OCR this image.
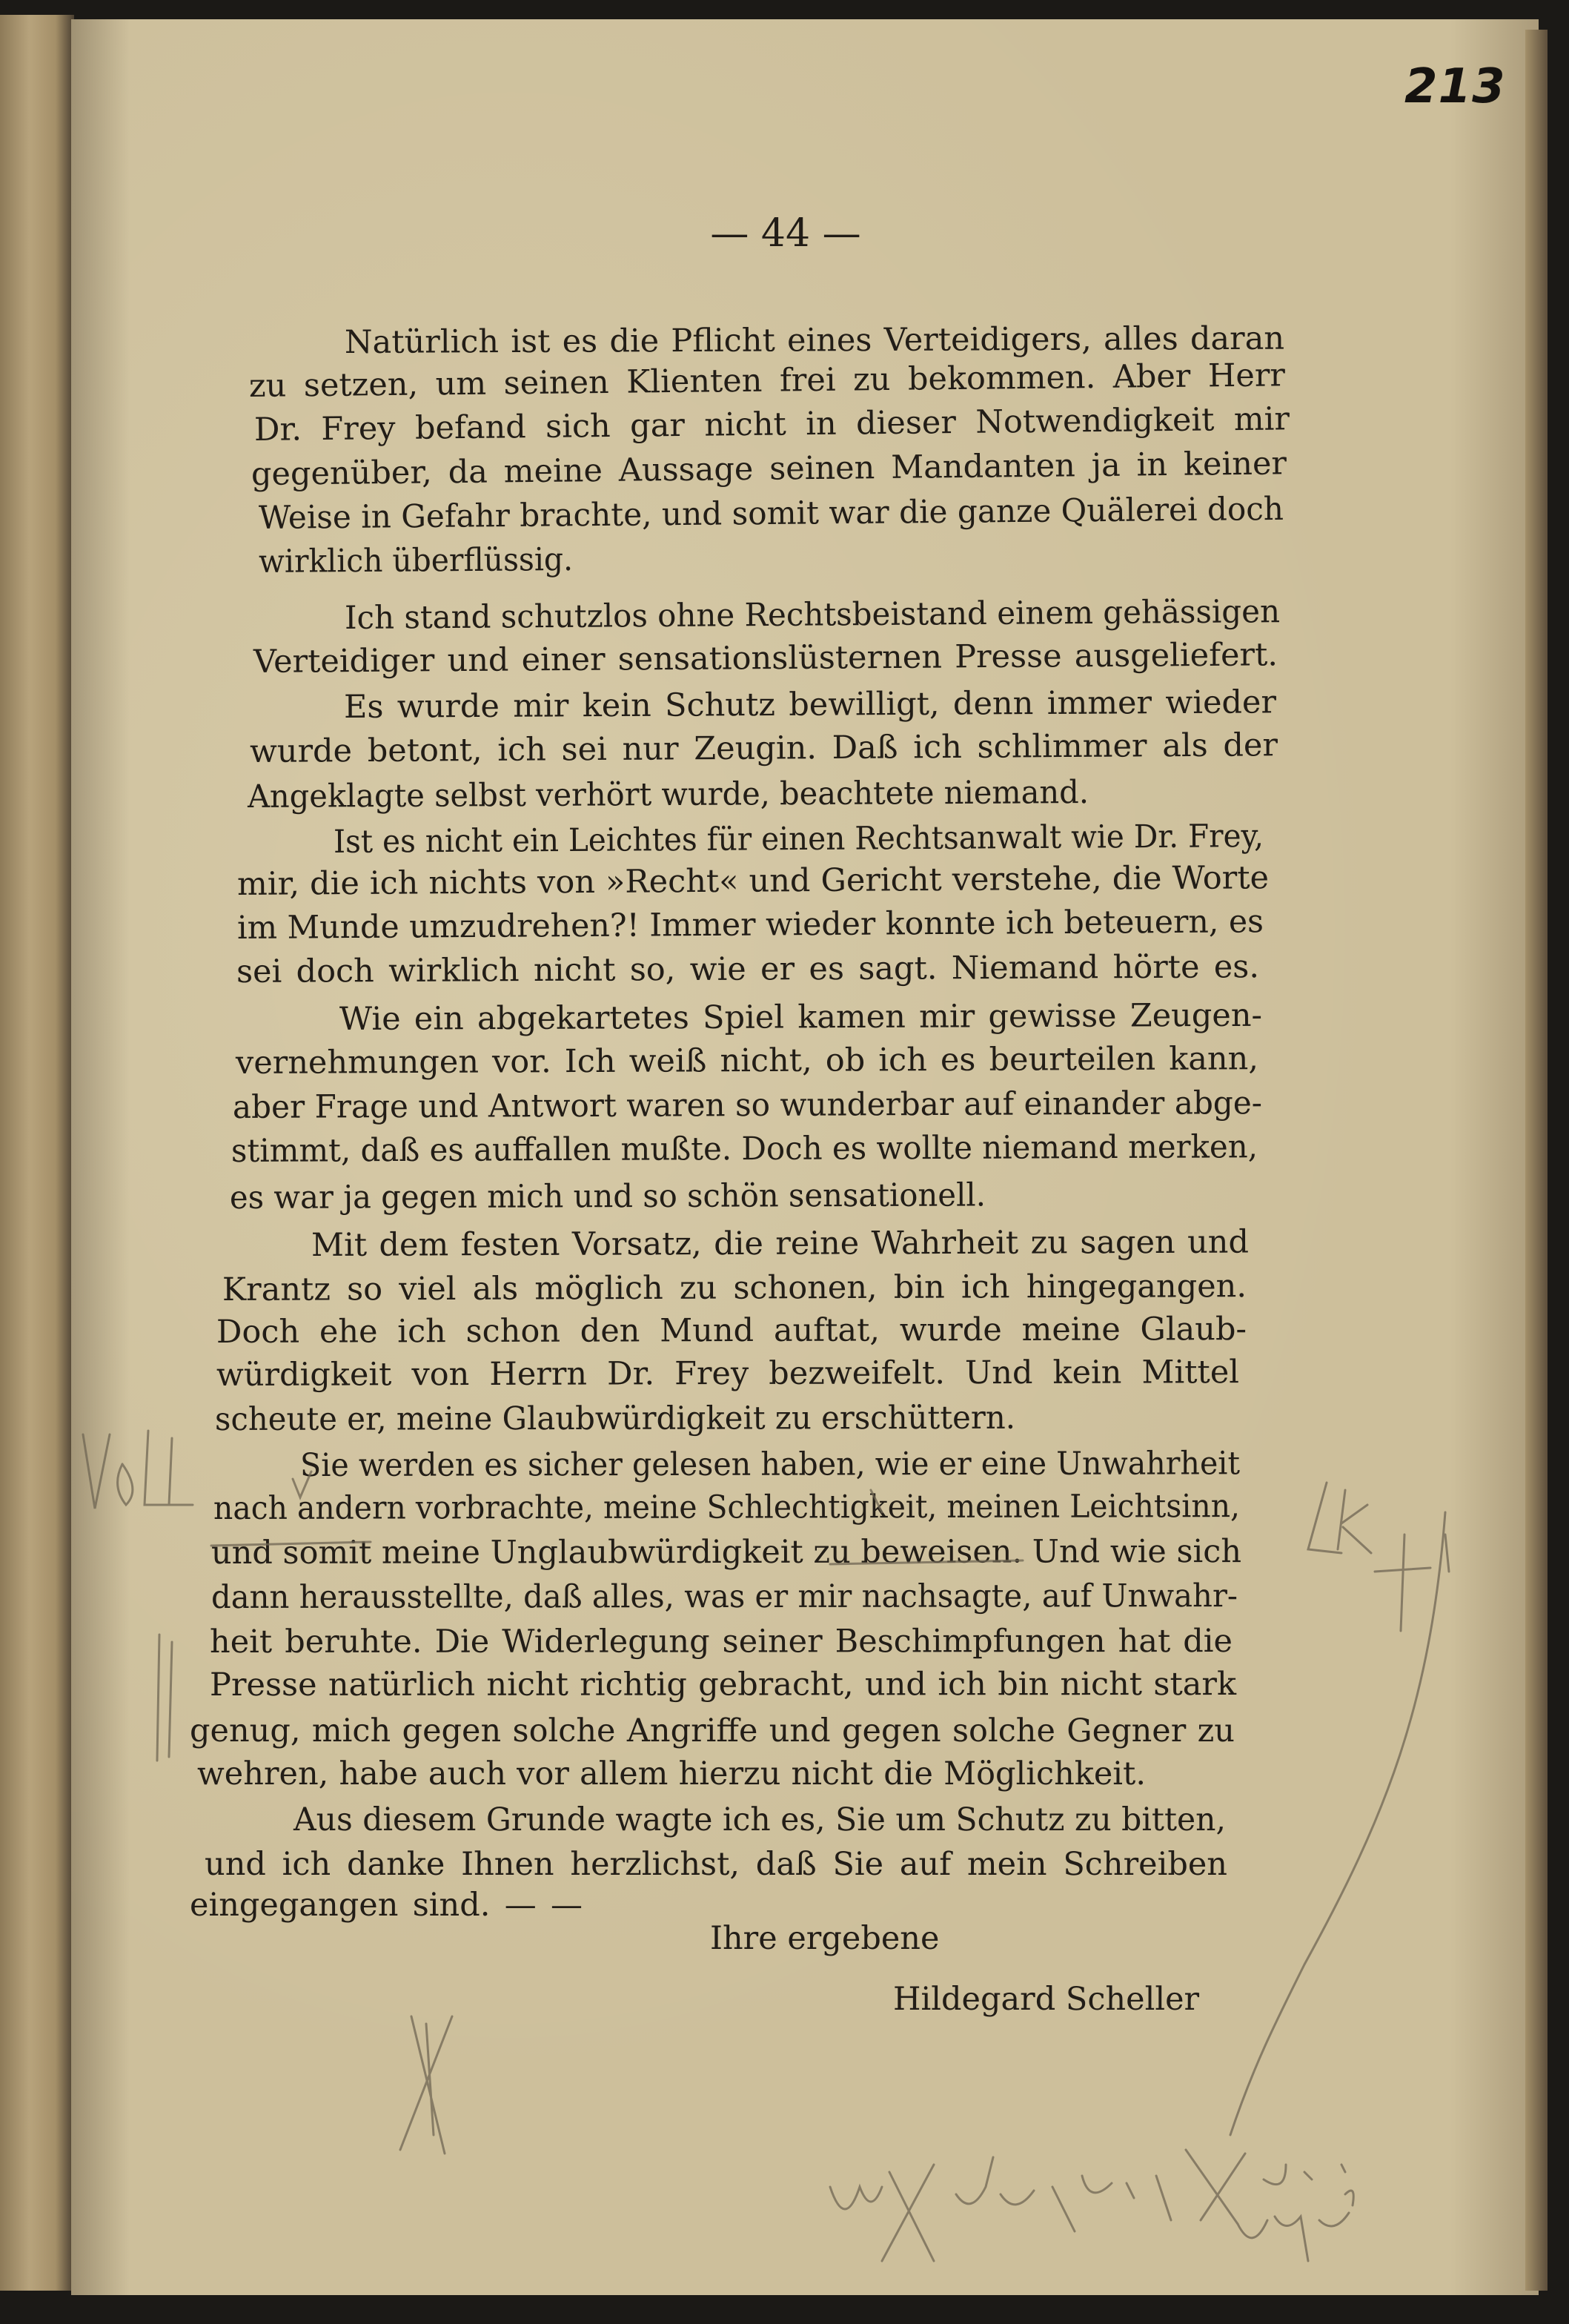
213
— 44 —
Natürlich ist es die Pflicht eines Verteidigers, alles daran
zu setzen, um seinen Klienten frei zu bekommen. Aber Herr
Dr. Frey befand sich gar nicht in dieser Notwendigkeit mir
gegenüber, da meine Aussage seinen Mandanten ja in keiner
Weise in Gefahr brachte, und somit war die ganze Quälerei doch
wirklich überflüssig.
Ich stand schutzlos ohne Rechtsbeistand einem gehässigen
Verteidiger und einer sensationslüsternen Presse ausgeliefert.
Es wurde mir kein Schutz bewilligt, denn immer wieder
wurde betont, ich sei nur Zeugin. Daß ich schlimmer als der
Angeklagte selbst verhört wurde, beachtete niemand.
Ist es nicht ein Leichtes für einen Rechtsanwalt wie Dr. Frey,
mir, die ich nichts von »Recht« und Gericht verstehe, die Worte
im Munde umzudrehen?! Immer wieder konnte ich beteuern, es
sei doch wirklich nicht so, wie er es sagt. Niemand hörte es.
Wie ein abgekartetes Spiel kamen mir gewisse Zeugen-
vernehmungen vor. Ich weiß nicht, ob ich es beurteilen kann,
aber Frage und Antwort waren so wunderbar auf einander abge-
stimmt, daß es auffallen mußte. Doch es wollte niemand merken,
es war ja gegen mich und so schön sensationell.
Mit dem festen Vorsatz, die reine Wahrheit zu sagen und
Krantz so viel als möglich zu schonen, bin ich hingegangen.
Doch ehe ich schon den Mund auftat, wurde meine Glaub-
würdigkeit von Herrn Dr. Frey bezweifelt. Und kein Mittel
scheute er, meine Glaubwürdigkeit zu erschüttern.
Sie werden es sicher gelesen haben, wie er eine Unwahrheit
nach andern vorbrachte, meine Schlechtigkeit, meinen Leichtsinn,
und somit meine Unglaubwürdigkeit zu beweisen. Und wie sich
dann herausstellte, daß alles, was er mir nachsagte, auf Unwahr-
heit beruhte. Die Widerlegung seiner Beschimpfungen hat die
Presse natürlich nicht richtig gebracht, und ich bin nicht stark
genug, mich gegen solche Angriffe und gegen solche Gegner zu
wehren, habe auch vor allem hierzu nicht die Möglichkeit.
Aus diesem Grunde wagte ich es, Sie um Schutz zu bitten,
und ich danke Ihnen herzlichst, daß Sie auf mein Schreiben
eingegangen sind. — —
Ihre ergebene
Hildegard Scheller
